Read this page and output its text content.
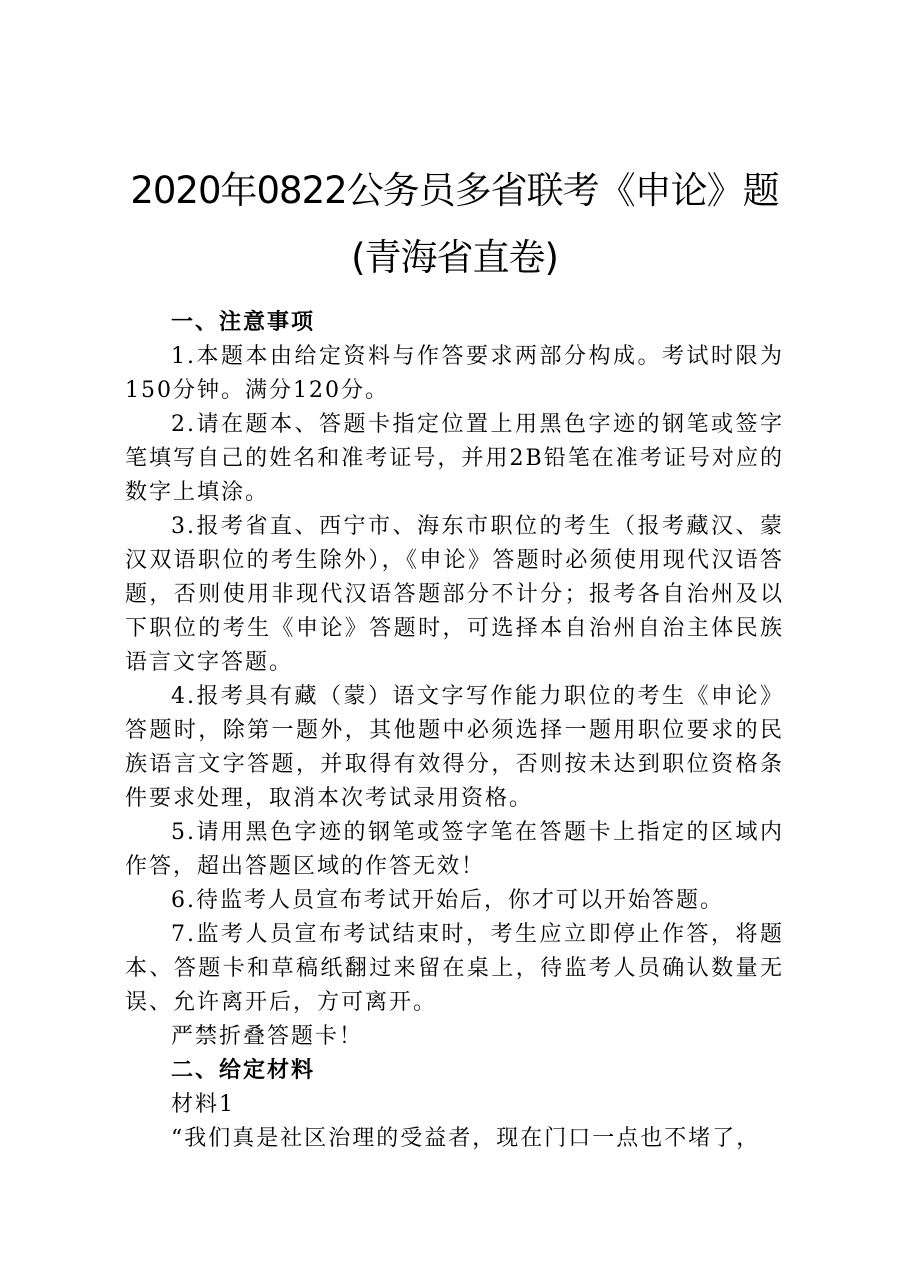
2020年0822公务员多省联考《申论》题
(青海省直卷)

一、注意事项

1.本题本由给定资料与作答要求两部分构成。考试时限为150分钟。满分120分。

2.请在题本、答题卡指定位置上用黑色字迹的钢笔或签字笔填写自己的姓名和准考证号，并用2B铅笔在准考证号对应的数字上填涂。

3.报考省直、西宁市、海东市职位的考生（报考藏汉、蒙汉双语职位的考生除外），《申论》答题时必须使用现代汉语答题，否则使用非现代汉语答题部分不计分；报考各自治州及以下职位的考生《申论》答题时，可选择本自治州自治主体民族语言文字答题。

4.报考具有藏（蒙）语文字写作能力职位的考生《申论》答题时，除第一题外，其他题中必须选择一题用职位要求的民族语言文字答题，并取得有效得分，否则按未达到职位资格条件要求处理，取消本次考试录用资格。

5.请用黑色字迹的钢笔或签字笔在答题卡上指定的区域内作答，超出答题区域的作答无效！

6.待监考人员宣布考试开始后，你才可以开始答题。

7.监考人员宣布考试结束时，考生应立即停止作答，将题本、答题卡和草稿纸翻过来留在桌上，待监考人员确认数量无误、允许离开后，方可离开。

严禁折叠答题卡！

二、给定材料

材料1

“我们真是社区治理的受益者，现在门口一点也不堵了，
